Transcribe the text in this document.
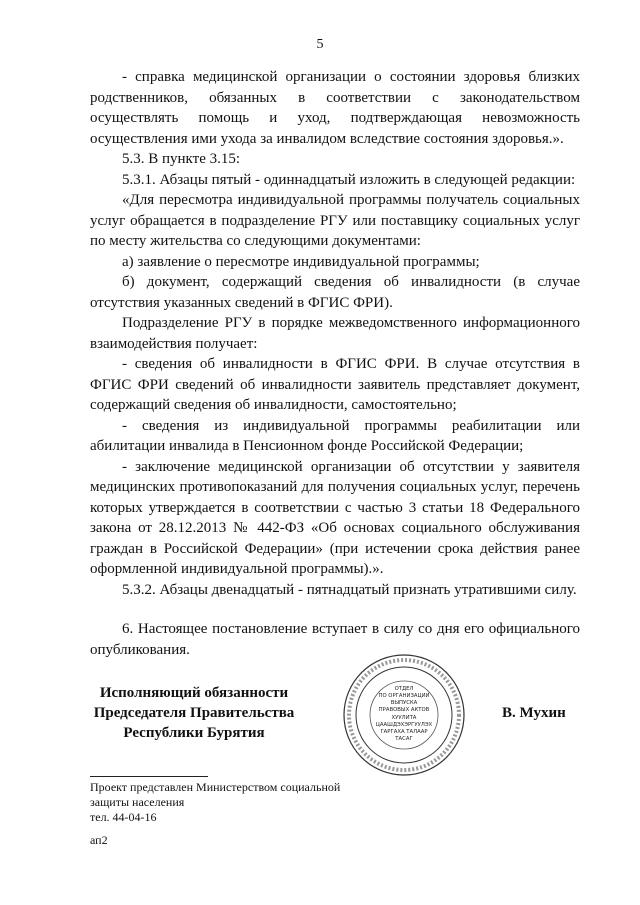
5

- справка медицинской организации о состоянии здоровья близких родственников, обязанных в соответствии с законодательством осуществлять помощь и уход, подтверждающая невозможность осуществления ими ухода за инвалидом вследствие состояния здоровья.».

5.3. В пункте 3.15:

5.3.1. Абзацы пятый - одиннадцатый изложить в следующей редакции:

«Для пересмотра индивидуальной программы получатель социальных услуг обращается в подразделение РГУ или поставщику социальных услуг по месту жительства со следующими документами:

а) заявление о пересмотре индивидуальной программы;

б) документ, содержащий сведения об инвалидности (в случае отсутствия указанных сведений в ФГИС ФРИ).

Подразделение РГУ в порядке межведомственного информационного взаимодействия получает:

- сведения об инвалидности в ФГИС ФРИ. В случае отсутствия в ФГИС ФРИ сведений об инвалидности заявитель представляет документ, содержащий сведения об инвалидности, самостоятельно;

- сведения из индивидуальной программы реабилитации или абилитации инвалида в Пенсионном фонде Российской Федерации;

- заключение медицинской организации об отсутствии у заявителя медицинских противопоказаний для получения социальных услуг, перечень которых утверждается в соответствии с частью 3 статьи 18 Федерального закона от 28.12.2013 № 442-ФЗ «Об основах социального обслуживания граждан в Российской Федерации» (при истечении срока действия ранее оформленной индивидуальной программы).».

5.3.2. Абзацы двенадцатый - пятнадцатый признать утратившими силу.

6. Настоящее постановление вступает в силу со дня его официального опубликования.

Исполняющий обязанности
Председателя Правительства
Республики Бурятия
ОТДЕЛ
ПО ОРГАНИЗАЦИИ
ВЫПУСКА
ПРАВОВЫХ АКТОВ
ХУУЛИТА
ЦААШДЭХЭРГУУЛЭХ
ГАРГАХА ТАЛААР
ТАСАГ
В. Мухин
Проект представлен Министерством социальной
защиты населения
тел. 44-04-16
ап2
